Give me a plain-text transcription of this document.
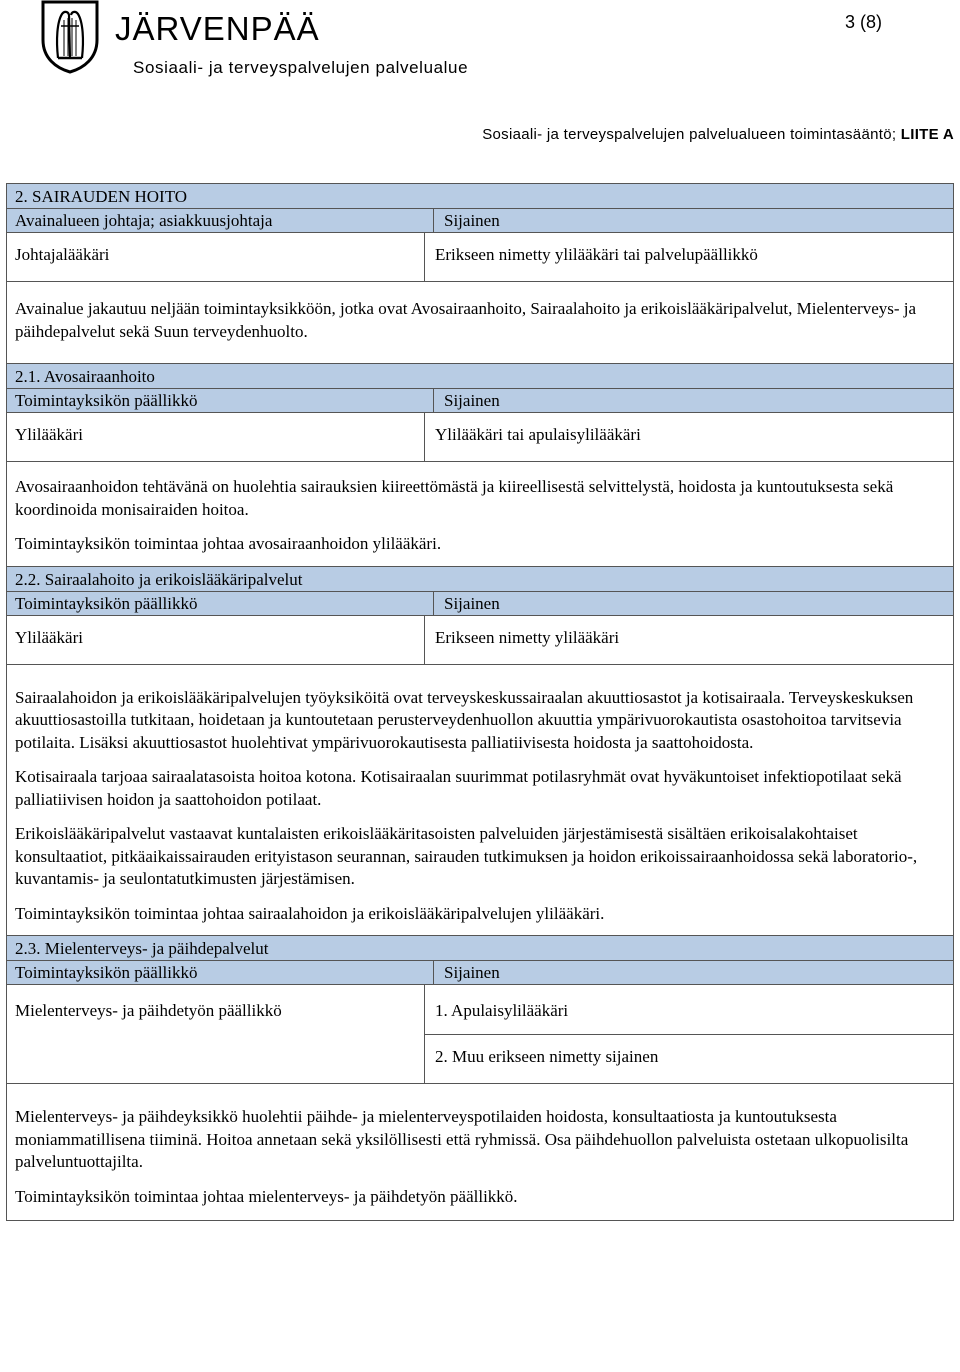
JÄRVENPÄÄ
Sosiaali- ja terveyspalvelujen palvelualue
3 (8)
Sosiaali- ja terveyspalvelujen palvelualueen toimintasääntö; LIITE A
2. SAIRAUDEN HOITO
Avainalueen johtaja; asiakkuusjohtaja	Sijainen
Johtajalääkäri	Erikseen nimetty ylilääkäri tai palvelupäällikkö
Avainalue jakautuu neljään toimintayksikköön, jotka ovat Avosairaanhoito, Sairaalahoito ja erikoislääkäripalvelut, Mielenterveys- ja päihdepalvelut sekä Suun terveydenhuolto.
2.1. Avosairaanhoito
Toimintayksikön päällikkö	Sijainen
Ylilääkäri	Ylilääkäri tai apulaisylilääkäri
Avosairaanhoidon tehtävänä on huolehtia sairauksien kiireettömästä ja kiireellisestä selvittelystä, hoidosta ja kuntoutuksesta sekä koordinoida monisairaiden hoitoa.
Toimintayksikön toimintaa johtaa avosairaanhoidon ylilääkäri.
2.2. Sairaalahoito ja erikoislääkäripalvelut
Toimintayksikön päällikkö	Sijainen
Ylilääkäri	Erikseen nimetty ylilääkäri
Sairaalahoidon ja erikoislääkäripalvelujen työyksiköitä ovat terveyskeskussairaalan akuuttiosastot ja kotisairaala. Terveyskeskuksen akuuttiosastoilla tutkitaan, hoidetaan ja kuntoutetaan perusterveydenhuollon akuuttia ympärivuorokautista osastohoitoa tarvitsevia potilaita. Lisäksi akuuttiosastot huolehtivat ympärivuorokautisesta palliatiivisesta hoidosta ja saattohoidosta.
Kotisairaala tarjoaa sairaalatasoista hoitoa kotona. Kotisairaalan suurimmat potilasryhmät ovat hyväkuntoiset infektiopotilaat sekä palliatiivisen hoidon ja saattohoidon potilaat.
Erikoislääkäripalvelut vastaavat kuntalaisten erikoislääkäritasoisten palveluiden järjestämisestä sisältäen erikoisalakohtaiset konsultaatiot, pitkäaikaissairauden erityistason seurannan, sairauden tutkimuksen ja hoidon erikoissairaanhoidossa sekä laboratorio-, kuvantamis- ja seulontatutkimusten järjestämisen.
Toimintayksikön toimintaa johtaa sairaalahoidon ja erikoislääkäripalvelujen ylilääkäri.
2.3. Mielenterveys- ja päihdepalvelut
Toimintayksikön päällikkö	Sijainen
Mielenterveys- ja päihdetyön päällikkö	1. Apulaisylilääkäri
2. Muu erikseen nimetty sijainen
Mielenterveys- ja päihdeyksikkö huolehtii päihde- ja mielenterveyspotilaiden hoidosta, konsultaatiosta ja kuntoutuksesta moniammatillisena tiiminä. Hoitoa annetaan sekä yksilöllisesti että ryhmissä. Osa päihdehuollon palveluista ostetaan ulkopuolisilta palveluntuottajilta.
Toimintayksikön toimintaa johtaa mielenterveys- ja päihdetyön päällikkö.
